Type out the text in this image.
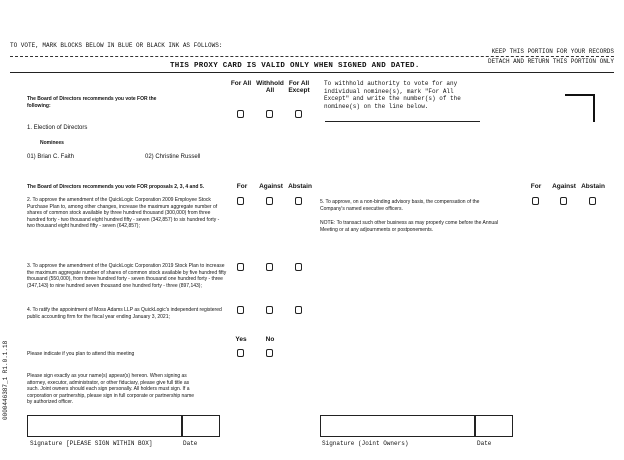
TO VOTE, MARK BLOCKS BELOW IN BLUE OR BLACK INK AS FOLLOWS:
KEEP THIS PORTION FOR YOUR RECORDS
DETACH AND RETURN THIS PORTION ONLY
THIS PROXY CARD IS VALID ONLY WHEN SIGNED AND DATED.
0000446387_1 R1.0.1.18
For All Withhold All
For All Except
The Board of Directors recommends you vote FOR the following:
1. Election of Directors
Nominees
01) Brian C. Faith	02) Christine Russell
To withhold authority to vote for any individual nominee(s), mark "For All Except" and write the number(s) of the nominee(s) on the line below.
The Board of Directors recommends you vote FOR proposals 2, 3, 4 and 5.	For	Against Abstain	For	Against Abstain
2. To approve the amendment of the QuickLogic Corporation 2009 Employee Stock Purchase Plan to, among other changes, increase the maximum aggregate number of shares of common stock available by three hundred thousand (300,000) from three hundred forty - two thousand eight hundred fifty - seven (342,857) to six hundred forty - two thousand eight hundred fifty - seven (642,857);
5. To approve, on a non-binding advisory basis, the compensation of the Company's named executive officers.
NOTE: To transact such other business as may properly come before the Annual Meeting or at any adjournments or postponements.
3. To approve the amendment of the QuickLogic Corporation 2019 Stock Plan to increase the maximum aggregate number of shares of common stock available by five hundred fifty thousand (550,000), from three hundred forty - seven thousand one hundred forty - three (347,143) to nine hundred seven thousand one hundred forty - three (897,143);
4. To ratify the appointment of Moss Adams LLP as QuickLogic's independent registered public accounting firm for the fiscal year ending January 3, 2021;
Yes	No
Please indicate if you plan to attend this meeting
Please sign exactly as your name(s) appear(s) hereon. When signing as attorney, executor, administrator, or other fiduciary, please give full title as such. Joint owners should each sign personally. All holders must sign. If a corporation or partnership, please sign in full corporate or partnership name by authorized officer.
Signature [PLEASE SIGN WITHIN BOX]	Date	Signature (Joint Owners)	Date
